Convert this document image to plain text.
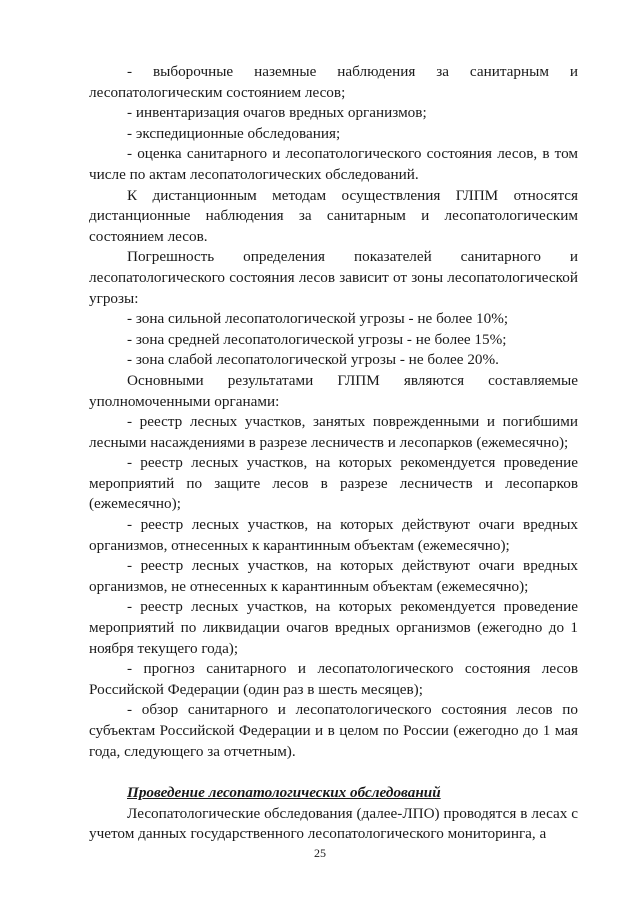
- выборочные наземные наблюдения за санитарным и лесопатологическим состоянием лесов;

- инвентаризация очагов вредных организмов;

- экспедиционные обследования;

- оценка санитарного и лесопатологического состояния лесов, в том числе по актам лесопатологических обследований.

К дистанционным методам осуществления ГЛПМ относятся дистанционные наблюдения за санитарным и лесопатологическим состоянием лесов.

Погрешность определения показателей санитарного и лесопатологического состояния лесов зависит от зоны лесопатологической угрозы:

- зона сильной лесопатологической угрозы - не более 10%;

- зона средней лесопатологической угрозы - не более 15%;

- зона слабой лесопатологической угрозы - не более 20%.

Основными результатами ГЛПМ являются составляемые уполномоченными органами:

- реестр лесных участков, занятых поврежденными и погибшими лесными насаждениями в разрезе лесничеств и лесопарков (ежемесячно);

- реестр лесных участков, на которых рекомендуется проведение мероприятий по защите лесов в разрезе лесничеств и лесопарков (ежемесячно);

- реестр лесных участков, на которых действуют очаги вредных организмов, отнесенных к карантинным объектам (ежемесячно);

- реестр лесных участков, на которых действуют очаги вредных организмов, не отнесенных к карантинным объектам (ежемесячно);

- реестр лесных участков, на которых рекомендуется проведение мероприятий по ликвидации очагов вредных организмов (ежегодно до 1 ноября текущего года);

- прогноз санитарного и лесопатологического состояния лесов Российской Федерации (один раз в шесть месяцев);

- обзор санитарного и лесопатологического состояния лесов по субъектам Российской Федерации и в целом по России (ежегодно до 1 мая года, следующего за отчетным).

Проведение лесопатологических обследований

Лесопатологические обследования (далее-ЛПО) проводятся в лесах с учетом данных государственного лесопатологического мониторинга, а

25
